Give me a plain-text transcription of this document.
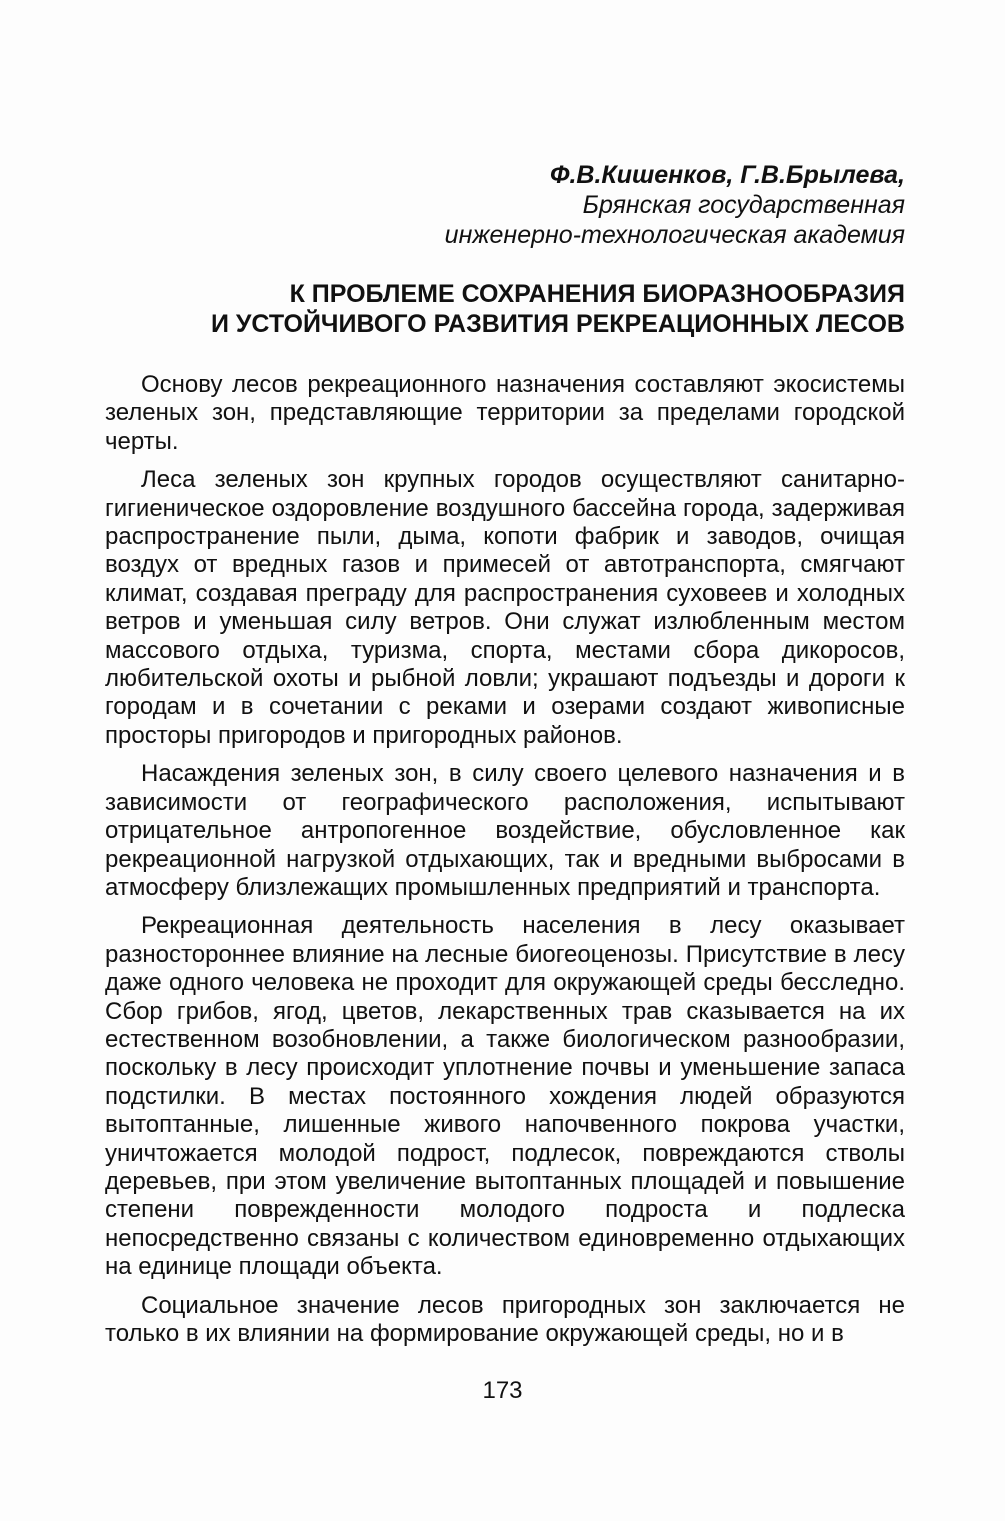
Ф.В.Кишенков, Г.В.Брылева,
Брянская государственная
инженерно-технологическая академия
К ПРОБЛЕМЕ СОХРАНЕНИЯ БИОРАЗНООБРАЗИЯ
И УСТОЙЧИВОГО РАЗВИТИЯ РЕКРЕАЦИОННЫХ ЛЕСОВ

Основу лесов рекреационного назначения составляют экосистемы зеленых зон, представляющие территории за пределами городской черты.

Леса зеленых зон крупных городов осуществляют санитарно-гигиеническое оздоровление воздушного бассейна города, задерживая распространение пыли, дыма, копоти фабрик и заводов, очищая воздух от вредных газов и примесей от автотранспорта, смягчают климат, создавая преграду для распространения суховеев и холодных ветров и уменьшая силу ветров. Они служат излюбленным местом массового отдыха, туризма, спорта, местами сбора дикоросов, любительской охоты и рыбной ловли; украшают подъезды и дороги к городам и в сочетании с реками и озерами создают живописные просторы пригородов и пригородных районов.

Насаждения зеленых зон, в силу своего целевого назначения и в зависимости от географического расположения, испытывают отрицательное антропогенное воздействие, обусловленное как рекреационной нагрузкой отдыхающих, так и вредными выбросами в атмосферу близлежащих промышленных предприятий и транспорта.

Рекреационная деятельность населения в лесу оказывает разностороннее влияние на лесные биогеоценозы. Присутствие в лесу даже одного человека не проходит для окружающей среды бесследно. Сбор грибов, ягод, цветов, лекарственных трав сказывается на их естественном возобновлении, а также биологическом разнообразии, поскольку в лесу происходит уплотнение почвы и уменьшение запаса подстилки. В местах постоянного хождения людей образуются вытоптанные, лишенные живого напочвенного покрова участки, уничтожается молодой подрост, подлесок, повреждаются стволы деревьев, при этом увеличение вытоптанных площадей и повышение степени поврежденности молодого подроста и подлеска непосредственно связаны с количеством единовременно отдыхающих на единице площади объекта.

Социальное значение лесов пригородных зон заключается не только в их влиянии на формирование окружающей среды, но и в

173
